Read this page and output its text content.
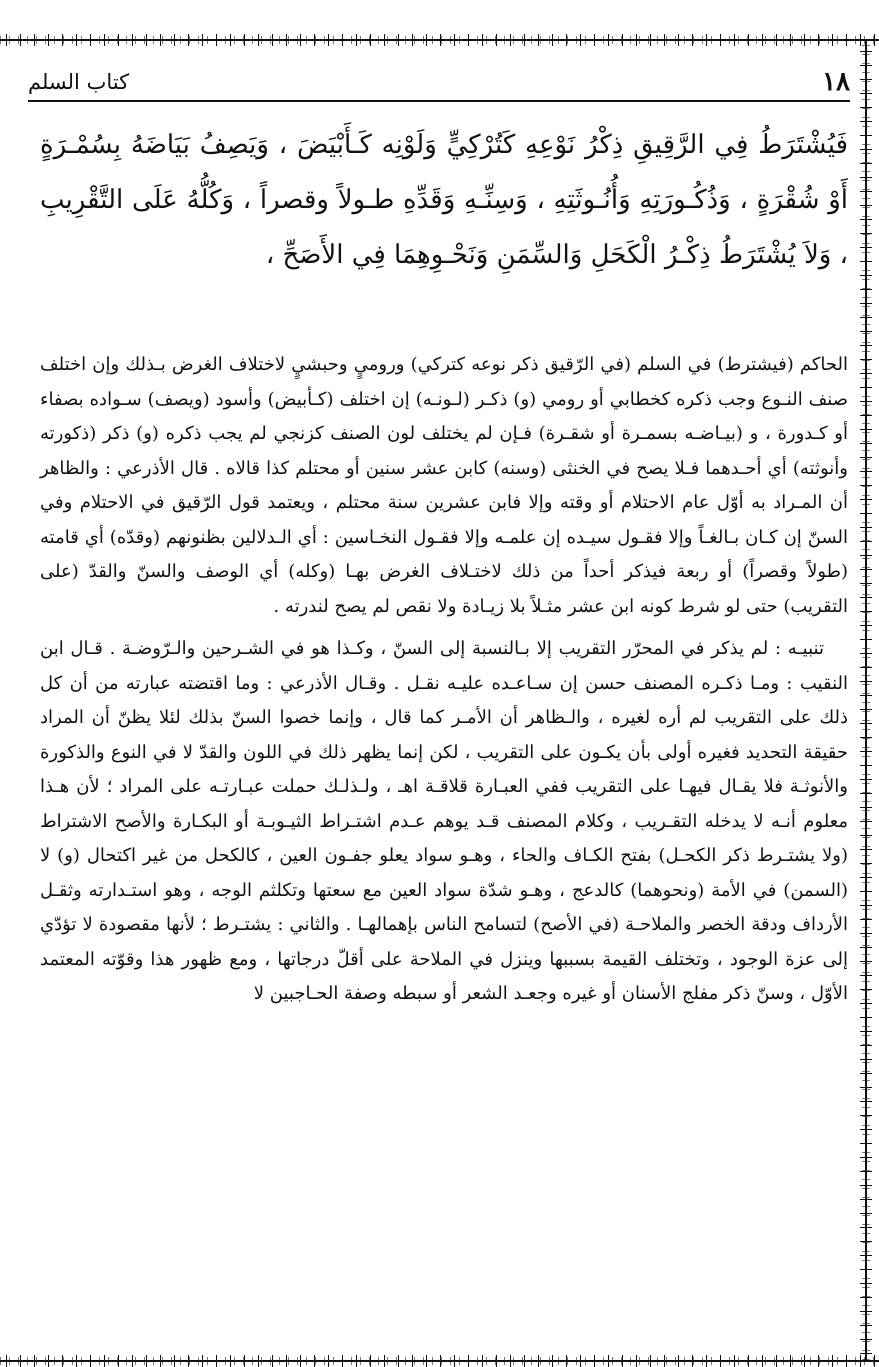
١٨
كتاب السلم
فَيُشْتَرَطُ فِي الرَّقِيقِ ذِكْرُ نَوْعِهِ كَتُرْكِيٍّ وَلَوْنِه كَـأَبْيَضَ ، وَيَصِفُ بَيَاضَهُ بِسُمْـرَةٍ أَوْ شُقْرَةٍ ، وَذُكُـورَتِهِ وَأُنُـوثَتِهِ ، وَسِنِّـهِ وَقَدِّهِ طـولاً وقصراً ، وَكُلُّهُ عَلَى التَّقْرِيبِ ، وَلاَ يُشْتَرَطُ ذِكْـرُ الْكَحَلِ وَالسِّمَنِ وَنَحْـوِهِمَا فِي الأَصَحِّ ،

الحاكم (فيشترط) في السلم (في الرّقيق ذكر نوعه كتركي) وروميٍ وحبشيٍ لاختلاف الغرض بـذلك وإن اختلف صنف النـوع وجب ذكره كخطابي أو رومي (و) ذكـر (لـونـه) إن اختلف (كـأبيض) وأسود (ويصف) سـواده بصفاء أو كـدورة ، و (بيـاضـه بسمـرة أو شقـرة) فـإن لم يختلف لون الصنف كزنجي لم يجب ذكره (و) ذكر (ذكورته وأنوثته) أي أحـدهما فـلا يصح في الخنثى (وسنه) كابن عشر سنين أو محتلم كذا قالاه . قال الأذرعي : والظاهر أن المـراد به أوّل عام الاحتلام أو وقته وإلا فابن عشرين سنة محتلم ، ويعتمد قول الرّقيق في الاحتلام وفي السنّ إن كـان بـالغـاً وإلا فقـول سيـده إن علمـه وإلا فقـول النخـاسين : أي الـدلالين بظنونهم (وقدّه) أي قامته (طولاً وقصراً) أو ربعة فيذكر أحداً من ذلك لاختـلاف الغرض بهـا (وكله) أي الوصف والسنّ والقدّ (على التقريب) حتى لو شرط كونه ابن عشر مثـلاً بلا زيـادة ولا نقص لم يصح لندرته .

تنبيـه : لم يذكر في المحرّر التقريب إلا بـالنسبة إلى السنّ ، وكـذا هو في الشـرحين والـرّوضـة . قـال ابن النقيب : ومـا ذكـره المصنف حسن إن سـاعـده عليـه نقـل . وقـال الأذرعي : وما اقتضته عبارته من أن كل ذلك على التقريب لم أره لغيره ، والـظاهر أن الأمـر كما قال ، وإنما خصوا السنّ بذلك لئلا يظنّ أن المراد حقيقة التحديد فغيره أولى بأن يكـون على التقريب ، لكن إنما يظهر ذلك في اللون والقدّ لا في النوع والذكورة والأنوثـة فلا يقـال فيهـا على التقريب ففي العبـارة قلاقـة اهـ ، ولـذلـك حملت عبـارتـه على المراد ؛ لأن هـذا معلوم أنـه لا يدخله التقـريب ، وكلام المصنف قـد يوهم عـدم اشتـراط الثيـوبـة أو البكـارة والأصح الاشتراط (ولا يشتـرط ذكر الكحـل) بفتح الكـاف والحاء ، وهـو سواد يعلو جفـون العين ، كالكحل من غير اكتحال (و) لا (السمن) في الأمة (ونحوهما) كالدعج ، وهـو شدّة سواد العين مع سعتها وتكلثم الوجه ، وهو استـدارته وثقـل الأرداف ودقة الخصر والملاحـة (في الأصح) لتسامح الناس بإهمالهـا . والثاني : يشتـرط ؛ لأنها مقصودة لا تؤدّي إلى عزة الوجود ، وتختلف القيمة بسببها وينزل في الملاحة على أقلّ درجاتها ، ومع ظهور هذا وقوّته المعتمد الأوّل ، وسنّ ذكر مفلج الأسنان أو غيره وجعـد الشعر أو سبطه وصفة الحـاجبين لا
